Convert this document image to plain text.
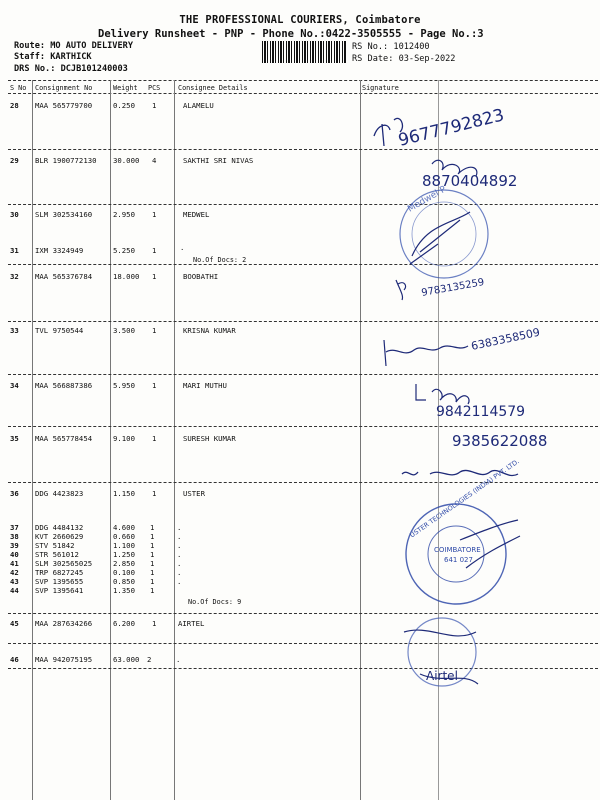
THE PROFESSIONAL COURIERS, Coimbatore
Delivery Runsheet - PNP - Phone No.:0422-3505555 - Page No.:3
Route: MO AUTO DELIVERY
Staff: KARTHICK
DRS No.: DCJB101240003
RS No.: 1012400
RS Date: 03-Sep-2022
S No Consignment No	Weight PCS	Consignee Details	Signature
28 MAA 565779700	0.250 1	ALAMELU
29 BLR 1900772130 30.000 4	SAKTHI SRI NIVAS
30 SLM 302534160	2.950 1	MEDWEL
31 IXM 3324949	5.250 1	.
No.Of Docs: 2
32 MAA 565376784	18.000 1	BOOBATHI
33 TVL 9750544	3.500 1	KRISNA KUMAR
34 MAA 566887386	5.950 1	MARI MUTHU
35 MAA 565778454	9.100 1	SURESH KUMAR
36 DDG 4423823	1.150 1	USTER
37 DDG 4484132	4.600 1	.
38 KVT 2660629	0.660 1	.
39 STV 51842	1.100 1	.
40 STR 561012	1.250 1	.
41 SLM 302565025	2.850 1	.
42 TRP 6827245	0.100 1	.
43 SVP 1395655	0.850 1	.
44 SVP 1395641	1.350 1
No.Of Docs: 9
45 MAA 287634266	6.200 1	AIRTEL
46 MAA 942075195	63.000 2	.
9677792823
8870404892
Medwel P
9783135259
6383358509
9842114579
9385622088
USTER TECHNOLOGIES (INDIA) PVT. LTD.
COIMBATORE
641 027
Airtel
